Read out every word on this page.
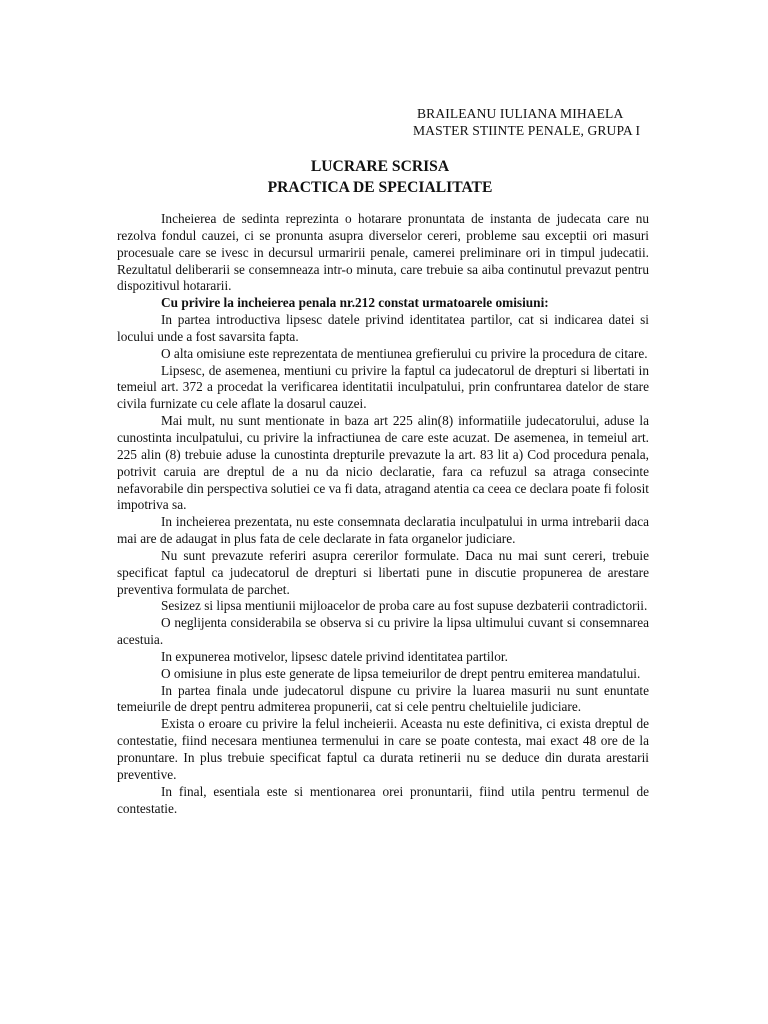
BRAILEANU IULIANA MIHAELA
MASTER STIINTE PENALE, GRUPA I
LUCRARE SCRISA
PRACTICA DE SPECIALITATE

Incheierea de sedinta reprezinta o hotarare pronuntata de instanta de judecata care nu rezolva fondul cauzei, ci se pronunta asupra diverselor cereri, probleme sau exceptii ori masuri procesuale care se ivesc in decursul urmaririi penale, camerei preliminare ori in timpul judecatii. Rezultatul deliberarii se consemneaza intr-o minuta, care trebuie sa aiba continutul prevazut pentru dispozitivul hotararii.

Cu privire la incheierea penala nr.212 constat urmatoarele omisiuni:

In partea introductiva lipsesc datele privind identitatea partilor, cat si indicarea datei si locului unde a fost savarsita fapta.

O alta omisiune este reprezentata de mentiunea grefierului cu privire la procedura de citare.

Lipsesc, de asemenea, mentiuni cu privire la faptul ca judecatorul de drepturi si libertati in temeiul art. 372 a procedat la verificarea identitatii inculpatului, prin confruntarea datelor de stare civila furnizate cu cele aflate la dosarul cauzei.

Mai mult, nu sunt mentionate in baza art 225 alin(8) informatiile judecatorului, aduse la cunostinta inculpatului, cu privire la infractiunea de care este acuzat. De asemenea, in temeiul art. 225 alin (8) trebuie aduse la cunostinta drepturile prevazute la art. 83 lit a) Cod procedura penala, potrivit caruia are dreptul de a nu da nicio declaratie, fara ca refuzul sa atraga consecinte nefavorabile din perspectiva solutiei ce va fi data, atragand atentia ca ceea ce declara poate fi folosit impotriva sa.

In incheierea prezentata, nu este consemnata declaratia inculpatului in urma intrebarii daca mai are de adaugat in plus fata de cele declarate in fata organelor judiciare.

Nu sunt prevazute referiri asupra cererilor formulate. Daca nu mai sunt cereri, trebuie specificat faptul ca judecatorul de drepturi si libertati pune in discutie propunerea de arestare preventiva formulata de parchet.

Sesizez si lipsa mentiunii mijloacelor de proba care au fost supuse dezbaterii contradictorii.

O neglijenta considerabila se observa si cu privire la lipsa ultimului cuvant si consemnarea acestuia.

In expunerea motivelor, lipsesc datele privind identitatea partilor.

O omisiune in plus este generate de lipsa temeiurilor de drept pentru emiterea mandatului.

In partea finala unde judecatorul dispune cu privire la luarea masurii nu sunt enuntate temeiurile de drept pentru admiterea propunerii, cat si cele pentru cheltuielile judiciare.

Exista o eroare cu privire la felul incheierii. Aceasta nu este definitiva, ci exista dreptul de contestatie, fiind necesara mentiunea termenului in care se poate contesta, mai exact 48 ore de la pronuntare. In plus trebuie specificat faptul ca durata retinerii nu se deduce din durata arestarii preventive.

In final, esentiala este si mentionarea orei pronuntarii, fiind utila pentru termenul de contestatie.
